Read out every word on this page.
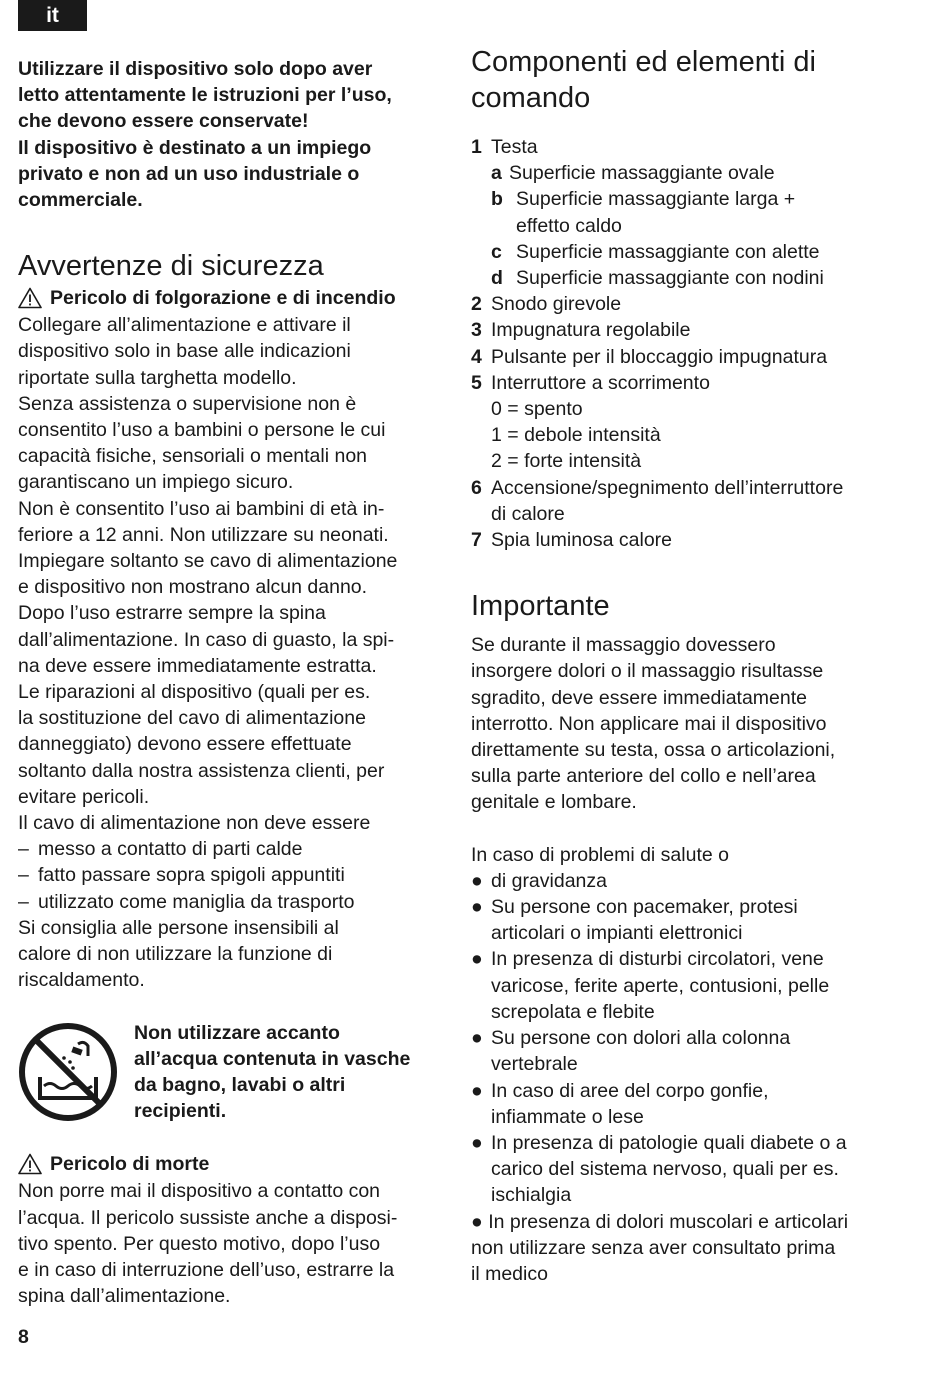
it

Utilizzare il dispositivo solo dopo aver

letto attentamente le istruzioni per l’uso,

che devono essere conservate!

Il dispositivo è destinato a un impiego

privato e non ad un uso industriale o

commerciale.

Avvertenze di sicurezza
Pericolo di folgorazione e di incendio

Collegare all’alimentazione e attivare il

dispositivo solo in base alle indicazioni

riportate sulla targhetta modello.

Senza assistenza o supervisione non è

consentito l’uso a bambini o persone le cui

capacità fisiche, sensoriali o mentali non

garantiscano un impiego sicuro.

Non è consentito l’uso ai bambini di età in-

feriore a 12 anni. Non utilizzare su neonati.

Impiegare soltanto se cavo di alimentazione

e dispositivo non mostrano alcun danno.

Dopo l’uso estrarre sempre la spina

dall’alimentazione. In caso di guasto, la spi-

na deve essere immediatamente estratta.

Le riparazioni al dispositivo (quali per es.

la sostituzione del cavo di alimentazione

danneggiato) devono essere effettuate

soltanto dalla nostra assistenza clienti, per

evitare pericoli.

Il cavo di alimentazione non deve essere

– messo a contatto di parti calde
– fatto passare sopra spigoli appuntiti
– utilizzato come maniglia da trasporto

Si consiglia alle persone insensibili al

calore di non utilizzare la funzione di

riscaldamento.

Non utilizzare accanto

all’acqua contenuta in vasche

da bagno, lavabi o altri

recipienti.

Pericolo di morte

Non porre mai il dispositivo a contatto con

l’acqua. Il pericolo sussiste anche a disposi-

tivo spento. Per questo motivo, dopo l’uso

e in caso di interruzione dell’uso, estrarre la

spina dall’alimentazione.

Componenti ed elementi di
comando
1 Testa
a Superficie massaggiante ovale
b Superficie massaggiante larga +
effetto caldo
c Superficie massaggiante con alette
d Superficie massaggiante con nodini
2 Snodo girevole
3 Impugnatura regolabile
4 Pulsante per il bloccaggio impugnatura
5 Interruttore a scorrimento
0 = spento
1 = debole intensità
2 = forte intensità
6 Accensione/spegnimento dell’interruttore
di calore
7 Spia luminosa calore
Importante

Se durante il massaggio dovessero

insorgere dolori o il massaggio risultasse

sgradito, deve essere immediatamente

interrotto. Non applicare mai il dispositivo

direttamente su testa, ossa o articolazioni,

sulla parte anteriore del collo e nell’area

genitale e lombare.

In caso di problemi di salute o

● di gravidanza
● Su persone con pacemaker, protesi
articolari o impianti elettronici
● In presenza di disturbi circolatori, vene
varicose, ferite aperte, contusioni, pelle
screpolata e flebite
● Su persone con dolori alla colonna
vertebrale
● In caso di aree del corpo gonfie,
infiammate o lese
● In presenza di patologie quali diabete o a
carico del sistema nervoso, quali per es.
ischialgia
● In presenza di dolori muscolari e articolari

non utilizzare senza aver consultato prima

il medico

8
